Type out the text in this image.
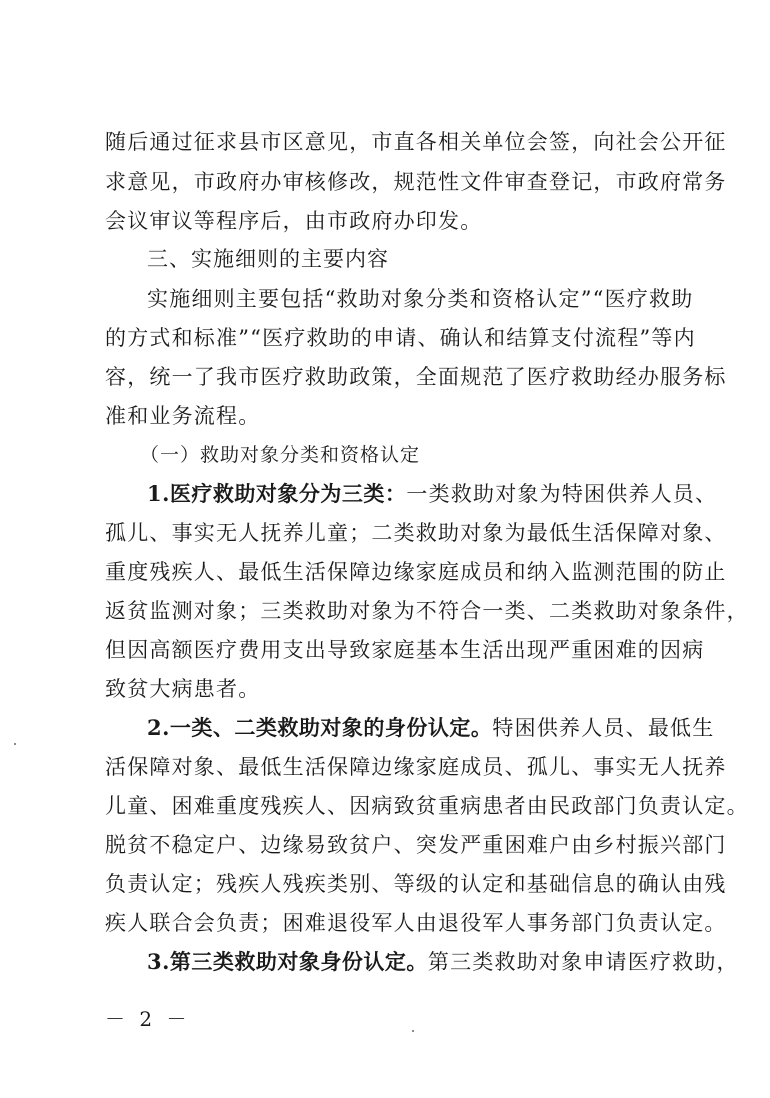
随后通过征求县市区意见，市直各相关单位会签，向社会公开征
求意见，市政府办审核修改，规范性文件审查登记，市政府常务
会议审议等程序后，由市政府办印发。
三、实施细则的主要内容
实施细则主要包括“救助对象分类和资格认定”“医疗救助
的方式和标准”“医疗救助的申请、确认和结算支付流程”等内
容，统一了我市医疗救助政策，全面规范了医疗救助经办服务标
准和业务流程。
（一）救助对象分类和资格认定
1.医疗救助对象分为三类：一类救助对象为特困供养人员、
孤儿、事实无人抚养儿童；二类救助对象为最低生活保障对象、
重度残疾人、最低生活保障边缘家庭成员和纳入监测范围的防止
返贫监测对象；三类救助对象为不符合一类、二类救助对象条件，
但因高额医疗费用支出导致家庭基本生活出现严重困难的因病
致贫大病患者。
2.一类、二类救助对象的身份认定。特困供养人员、最低生
活保障对象、最低生活保障边缘家庭成员、孤儿、事实无人抚养
儿童、困难重度残疾人、因病致贫重病患者由民政部门负责认定。
脱贫不稳定户、边缘易致贫户、突发严重困难户由乡村振兴部门
负责认定；残疾人残疾类别、等级的认定和基础信息的确认由残
疾人联合会负责；困难退役军人由退役军人事务部门负责认定。
3.第三类救助对象身份认定。第三类救助对象申请医疗救助，
－ 2 －
